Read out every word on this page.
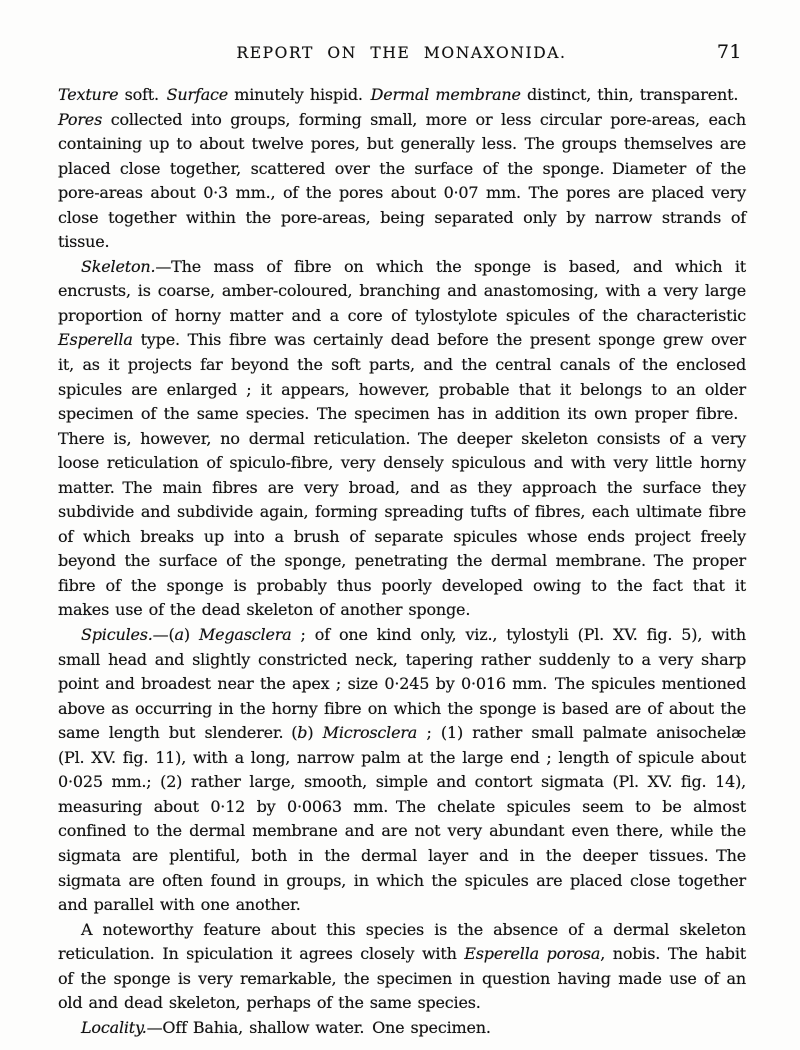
REPORT ON THE MONAXONIDA.	71

Texture soft. Surface minutely hispid. Dermal membrane distinct, thin, transparent. Pores collected into groups, forming small, more or less circular pore-areas, each containing up to about twelve pores, but generally less. The groups themselves are placed close together, scattered over the surface of the sponge. Diameter of the pore-areas about 0·3 mm., of the pores about 0·07 mm. The pores are placed very close together within the pore-areas, being separated only by narrow strands of tissue.

Skeleton.—The mass of fibre on which the sponge is based, and which it encrusts, is coarse, amber-coloured, branching and anastomosing, with a very large proportion of horny matter and a core of tylostylote spicules of the characteristic Esperella type. This fibre was certainly dead before the present sponge grew over it, as it projects far beyond the soft parts, and the central canals of the enclosed spicules are enlarged ; it appears, however, probable that it belongs to an older specimen of the same species. The specimen has in addition its own proper fibre. There is, however, no dermal reticulation. The deeper skeleton consists of a very loose reticulation of spiculo-fibre, very densely spiculous and with very little horny matter. The main fibres are very broad, and as they approach the surface they subdivide and subdivide again, forming spreading tufts of fibres, each ultimate fibre of which breaks up into a brush of separate spicules whose ends project freely beyond the surface of the sponge, penetrating the dermal membrane. The proper fibre of the sponge is probably thus poorly developed owing to the fact that it makes use of the dead skeleton of another sponge.

Spicules.—(a) Megasclera ; of one kind only, viz., tylostyli (Pl. XV. fig. 5), with small head and slightly constricted neck, tapering rather suddenly to a very sharp point and broadest near the apex ; size 0·245 by 0·016 mm. The spicules mentioned above as occurring in the horny fibre on which the sponge is based are of about the same length but slenderer. (b) Microsclera ; (1) rather small palmate anisochelæ (Pl. XV. fig. 11), with a long, narrow palm at the large end ; length of spicule about 0·025 mm.; (2) rather large, smooth, simple and contort sigmata (Pl. XV. fig. 14), measuring about 0·12 by 0·0063 mm. The chelate spicules seem to be almost confined to the dermal membrane and are not very abundant even there, while the sigmata are plentiful, both in the dermal layer and in the deeper tissues. The sigmata are often found in groups, in which the spicules are placed close together and parallel with one another.

A noteworthy feature about this species is the absence of a dermal skeleton reticulation. In spiculation it agrees closely with Esperella porosa, nobis. The habit of the sponge is very remarkable, the specimen in question having made use of an old and dead skeleton, perhaps of the same species.

Locality.—Off Bahia, shallow water. One specimen.
